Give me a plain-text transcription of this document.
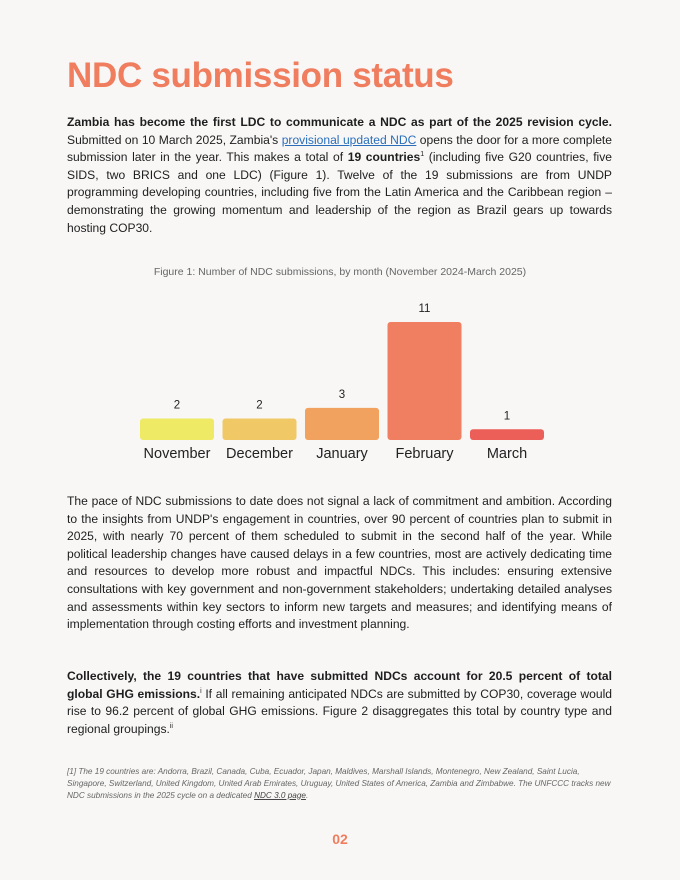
NDC submission status

Zambia has become the first LDC to communicate a NDC as part of the 2025 revision cycle. Submitted on 10 March 2025, Zambia's provisional updated NDC opens the door for a more complete submission later in the year. This makes a total of 19 countries$^1$ (including five G20 countries, five SIDS, two BRICS and one LDC) (Figure 1). Twelve of the 19 submissions are from UNDP programming developing countries, including five from the Latin America and the Caribbean region – demonstrating the growing momentum and leadership of the region as Brazil gears up towards hosting COP30.

Figure 1: Number of NDC submissions, by month (November 2024-March 2025)

2
November
2
December
3
January
11
February
1
March

The pace of NDC submissions to date does not signal a lack of commitment and ambition. According to the insights from UNDP's engagement in countries, over 90 percent of countries plan to submit in 2025, with nearly 70 percent of them scheduled to submit in the second half of the year. While political leadership changes have caused delays in a few countries, most are actively dedicating time and resources to develop more robust and impactful NDCs. This includes: ensuring extensive consultations with key government and non-government stakeholders; undertaking detailed analyses and assessments within key sectors to inform new targets and measures; and identifying means of implementation through costing efforts and investment planning.

Collectively, the 19 countries that have submitted NDCs account for 20.5 percent of total global GHG emissions.$^i$ If all remaining anticipated NDCs are submitted by COP30, coverage would rise to 96.2 percent of global GHG emissions. Figure 2 disaggregates this total by country type and regional groupings.$^{ii}$

[1] The 19 countries are: Andorra, Brazil, Canada, Cuba, Ecuador, Japan, Maldives, Marshall Islands, Montenegro, New Zealand, Saint Lucia, Singapore, Switzerland, United Kingdom, United Arab Emirates, Uruguay, United States of America, Zambia and Zimbabwe. The UNFCCC tracks new NDC submissions in the 2025 cycle on a dedicated NDC 3.0 page.

02
